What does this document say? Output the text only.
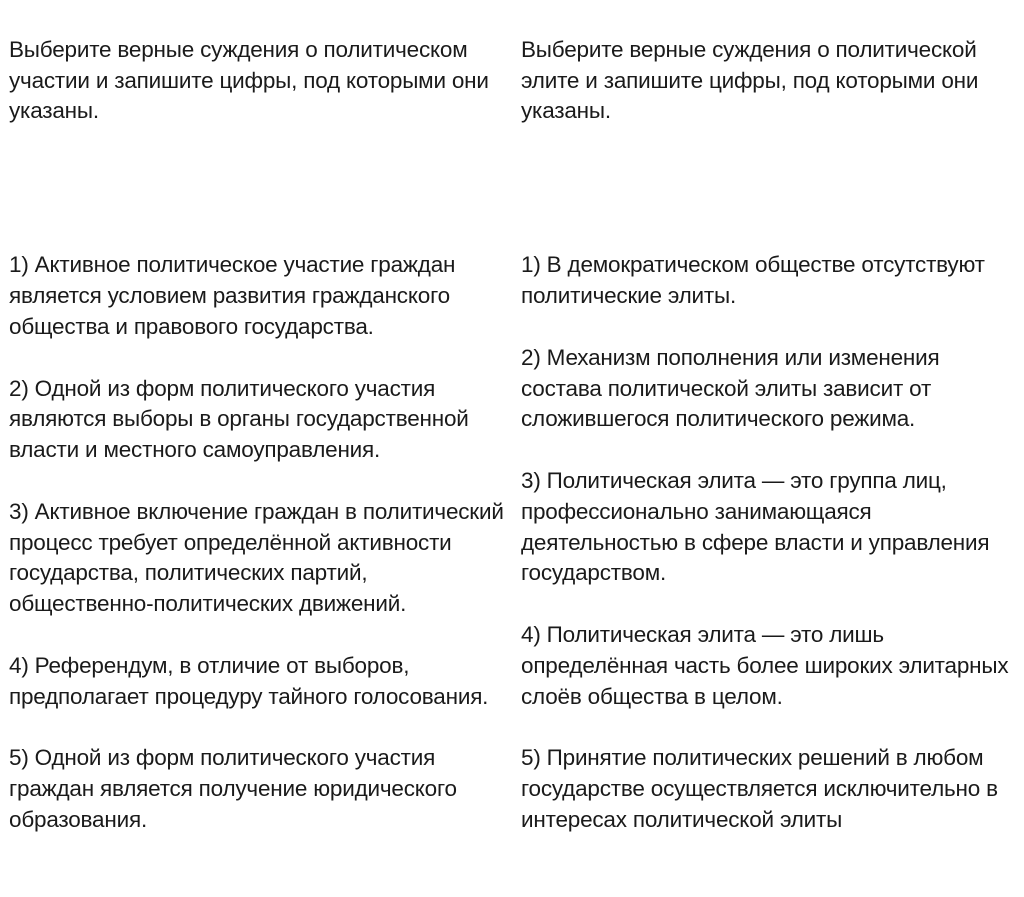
Выберите верные суждения о политическом участии и запишите цифры, под которыми они указаны.

1) Активное политическое участие граждан является условием развития гражданского общества и правового государства.

2) Одной из форм политического участия являются выборы в органы государственной власти и местного самоуправления.

3) Активное включение граждан в политический процесс требует определённой активности государства, политических партий, общественно-политических движений.

4) Референдум, в отличие от выборов, предполагает процедуру тайного голосования.

5) Одной из форм политического участия граждан является получение юридического образования.

Выберите верные суждения о политической элите и запишите цифры, под которыми они указаны.

1) В демократическом обществе отсутствуют политические элиты.

2) Механизм пополнения или изменения состава политической элиты зависит от сложившегося политического режима.

3) Политическая элита — это группа лиц, профессионально занимающаяся деятельностью в сфере власти и управления государством.

4) Политическая элита — это лишь определённая часть более широких элитарных слоёв общества в целом.

5) Принятие политических решений в любом государстве осуществляется исключительно в интересах политической элиты
